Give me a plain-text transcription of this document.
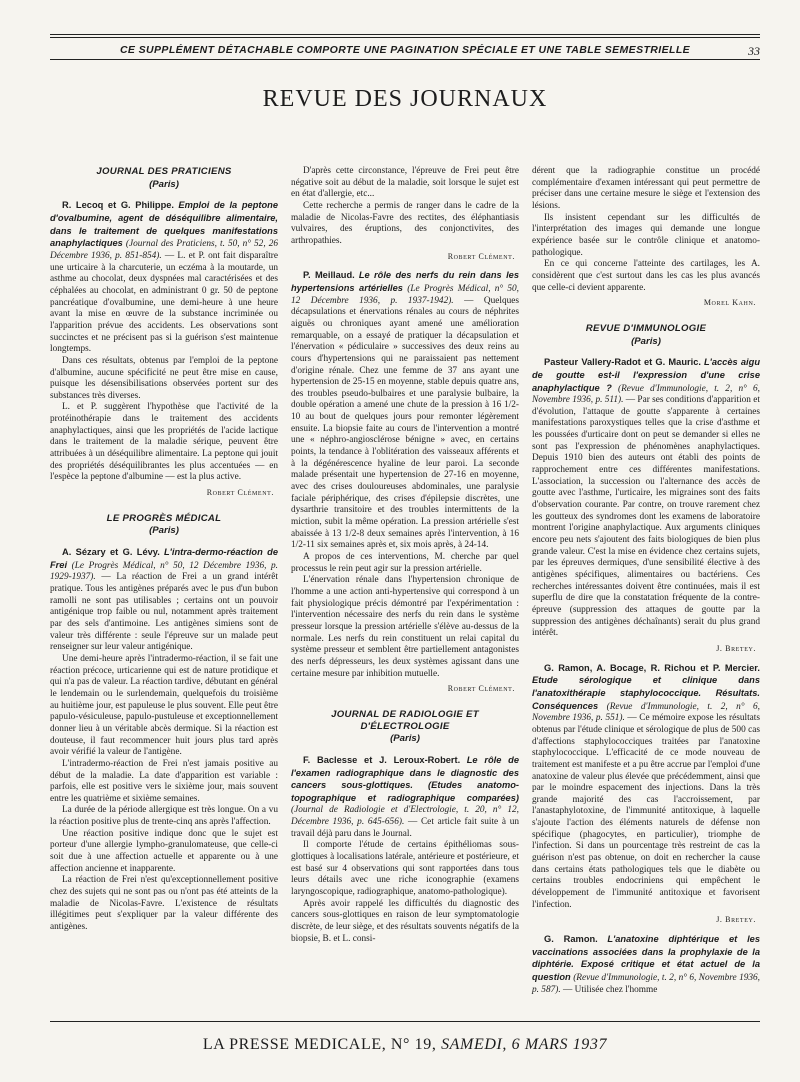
CE SUPPLÉMENT DÉTACHABLE COMPORTE UNE PAGINATION SPÉCIALE ET UNE TABLE SEMESTRIELLE	33
REVUE DES JOURNAUX
JOURNAL DES PRATICIENS
(Paris)

R. Lecoq et G. Philippe. Emploi de la peptone d'ovalbumine, agent de déséquilibre alimentaire, dans le traitement de quelques manifestations anaphylactiques (Journal des Praticiens, t. 50, n° 52, 26 Décembre 1936, p. 851-854). — L. et P. ont fait disparaître une urticaire à la charcuterie, un eczéma à la moutarde, un asthme au chocolat, deux dyspnées mal caractérisées et des céphalées au chocolat, en administrant 0 gr. 50 de peptone pancréatique d'ovalbumine, une demi-heure à une heure avant la mise en œuvre de la substance incriminée ou l'apparition prévue des accidents. Les observations sont succinctes et ne précisent pas si la guérison s'est maintenue longtemps.

Dans ces résultats, obtenus par l'emploi de la peptone d'albumine, aucune spécificité ne peut être mise en cause, puisque les désensibilisations observées portent sur des substances très diverses.

L. et P. suggèrent l'hypothèse que l'activité de la protéinothérapie dans le traitement des accidents anaphylactiques, ainsi que les propriétés de l'acide lactique dans le traitement de la maladie sérique, peuvent être attribuées à un déséquilibre alimentaire. La peptone qui jouit des propriétés déséquilibrantes les plus accentuées — en l'espèce la peptone d'albumine — est la plus active.

Robert Clément.
LE PROGRÈS MÉDICAL
(Paris)

A. Sézary et G. Lévy. L'intra-dermo-réaction de Frei (Le Progrès Médical, n° 50, 12 Décembre 1936, p. 1929-1937). — La réaction de Frei a un grand intérêt pratique. Tous les antigènes préparés avec le pus d'un bubon ramolli ne sont pas utilisables ; certains ont un pouvoir antigénique trop faible ou nul, notamment après traitement par des sels d'antimoine. Les antigènes simiens sont de valeur très différente : seule l'épreuve sur un malade peut renseigner sur leur valeur antigénique.

Une demi-heure après l'intradermo-réaction, il se fait une réaction précoce, urticarienne qui est de nature protidique et qui n'a pas de valeur. La réaction tardive, débutant en général le lendemain ou le surlendemain, quelquefois du troisième au huitième jour, est papuleuse le plus souvent. Elle peut être papulo-vésiculeuse, papulo-pustuleuse et exceptionnellement donner lieu à un véritable abcès dermique. Si la réaction est douteuse, il faut recommencer huit jours plus tard après avoir vérifié la valeur de l'antigène.

L'intradermo-réaction de Frei n'est jamais positive au début de la maladie. La date d'apparition est variable : parfois, elle est positive vers le sixième jour, mais souvent entre les quatrième et sixième semaines.

La durée de la période allergique est très longue. On a vu la réaction positive plus de trente-cinq ans après l'affection.

Une réaction positive indique donc que le sujet est porteur d'une allergie lympho-granulomateuse, que celle-ci soit due à une affection actuelle et apparente ou à une affection ancienne et inapparente.

La réaction de Frei n'est qu'exceptionnellement positive chez des sujets qui ne sont pas ou n'ont pas été atteints de la maladie de Nicolas-Favre. L'existence de résultats illégitimes peut s'expliquer par la valeur différente des antigènes.

D'après cette circonstance, l'épreuve de Frei peut être négative soit au début de la maladie, soit lorsque le sujet est en état d'allergie, etc...

Cette recherche a permis de ranger dans le cadre de la maladie de Nicolas-Favre des rectites, des éléphantiasis vulvaires, des éruptions, des conjonctivites, des arthropathies.

Robert Clément.

P. Meillaud. Le rôle des nerfs du rein dans les hypertensions artérielles (Le Progrès Médical, n° 50, 12 Décembre 1936, p. 1937-1942). — Quelques décapsulations et énervations rénales au cours de néphrites aiguës ou chroniques ayant amené une amélioration remarquable, on a essayé de pratiquer la décapsulation et l'énervation « pédiculaire » successives des deux reins au cours d'hypertensions qui ne paraissaient pas nettement d'origine rénale. Chez une femme de 37 ans ayant une hypertension de 25-15 en moyenne, stable depuis quatre ans, des troubles pseudo-bulbaires et une paralysie bulbaire, la double opération a amené une chute de la pression à 16 1/2-10 au bout de quelques jours pour remonter légèrement ensuite. La biopsie faite au cours de l'intervention a montré une « néphro-angiosclérose bénigne » avec, en certains points, la tendance à l'oblitération des vaisseaux afférents et à la dégénérescence hyaline de leur paroi. La seconde malade présentait une hypertension de 27-16 en moyenne, avec des crises douloureuses abdominales, une paralysie faciale périphérique, des crises d'épilepsie discrètes, une dysarthrie transitoire et des troubles intermittents de la miction, subit la même opération. La pression artérielle s'est abaissée à 13 1/2-8 deux semaines après l'intervention, à 16 1/2-11 six semaines après et, six mois après, à 24-14.

A propos de ces interventions, M. cherche par quel processus le rein peut agir sur la pression artérielle.

L'énervation rénale dans l'hypertension chronique de l'homme a une action anti-hypertensive qui correspond à un fait physiologique précis démontré par l'expérimentation : l'intervention nécessaire des nerfs du rein dans le système presseur lorsque la pression artérielle s'élève au-dessus de la normale. Les nerfs du rein constituent un relai capital du système presseur et semblent être partiellement antagonistes des nerfs dépresseurs, les deux systèmes agissant dans une certaine mesure par inhibition mutuelle.

Robert Clément.
JOURNAL DE RADIOLOGIE ET D'ÉLECTROLOGIE
(Paris)

F. Baclesse et J. Leroux-Robert. Le rôle de l'examen radiographique dans le diagnostic des cancers sous-glottiques. (Etudes anatomo-topographique et radiographique comparées) (Journal de Radiologie et d'Electrologie, t. 20, n° 12, Décembre 1936, p. 645-656). — Cet article fait suite à un travail déjà paru dans le Journal.

Il comporte l'étude de certains épithéliomas sous-glottiques à localisations latérale, antérieure et postérieure, et est basé sur 4 observations qui sont rapportées dans tous leurs détails avec une riche iconographie (examens laryngoscopique, radiographique, anatomo-pathologique).

Après avoir rappelé les difficultés du diagnostic des cancers sous-glottiques en raison de leur symptomatologie discrète, de leur siège, et des résultats souvents négatifs de la biopsie, B. et L. consi-

dérent que la radiographie constitue un procédé complémentaire d'examen intéressant qui peut permettre de préciser dans une certaine mesure le siège et l'extension des lésions.

Ils insistent cependant sur les difficultés de l'interprétation des images qui demande une longue expérience basée sur le contrôle clinique et anatomo-pathologique.

En ce qui concerne l'atteinte des cartilages, les A. considèrent que c'est surtout dans les cas les plus avancés que celle-ci devient apparente.

Morel Kahn.
REVUE D'IMMUNOLOGIE
(Paris)

Pasteur Vallery-Radot et G. Mauric. L'accès aigu de goutte est-il l'expression d'une crise anaphylactique ? (Revue d'Immunologie, t. 2, n° 6, Novembre 1936, p. 511). — Par ses conditions d'apparition et d'évolution, l'attaque de goutte s'apparente à certaines manifestations paroxystiques telles que la crise d'asthme et les poussées d'urticaire dont on peut se demander si elles ne sont pas l'expression de phénomènes anaphylactiques. Depuis 1910 bien des auteurs ont établi des points de rapprochement entre ces différentes manifestations. L'association, la succession ou l'alternance des accès de goutte avec l'asthme, l'urticaire, les migraines sont des faits d'observation courante. Par contre, on trouve rarement chez les goutteux des syndromes dont les examens de laboratoire montrent l'origine anaphylactique. Aux arguments cliniques encore peu nets s'ajoutent des faits biologiques de bien plus grande valeur. C'est la mise en évidence chez certains sujets, par les épreuves dermiques, d'une sensibilité élective à des antigènes spécifiques, alimentaires ou bactériens. Ces recherches intéressantes doivent être continuées, mais il est superflu de dire que la constatation fréquente de la contre-épreuve (suppression des attaques de goutte par la suppression des antigènes déchaînants) serait du plus grand intérêt.

J. Bretey.

G. Ramon, A. Bocage, R. Richou et P. Mercier. Etude sérologique et clinique dans l'anatoxithérapie staphylococcique. Résultats. Conséquences (Revue d'Immunologie, t. 2, n° 6, Novembre 1936, p. 551). — Ce mémoire expose les résultats obtenus par l'étude clinique et sérologique de plus de 500 cas d'affections staphylococciques traitées par l'anatoxine staphylococcique. L'efficacité de ce mode nouveau de traitement est manifeste et a pu être accrue par l'emploi d'une anatoxine de valeur plus élevée que précédemment, ainsi que par le moindre espacement des injections. Dans la très grande majorité des cas l'accroissement, par l'anastaphylotoxine, de l'immunité antitoxique, à laquelle s'ajoute l'action des éléments naturels de défense non spécifique (phagocytes, en particulier), triomphe de l'infection. Si dans un pourcentage très restreint de cas la guérison n'est pas obtenue, on doit en rechercher la cause dans certains états pathologiques tels que le diabète ou certains troubles endocriniens qui empêchent le développement de l'immunité antitoxique et favorisent l'infection.

J. Bretey.

G. Ramon. L'anatoxine diphtérique et les vaccinations associées dans la prophylaxie de la diphtérie. Exposé critique et état actuel de la question (Revue d'Immunologie, t. 2, n° 6, Novembre 1936, p. 587). — Utilisée chez l'homme

LA PRESSE MEDICALE, N° 19, SAMEDI, 6 MARS 1937
